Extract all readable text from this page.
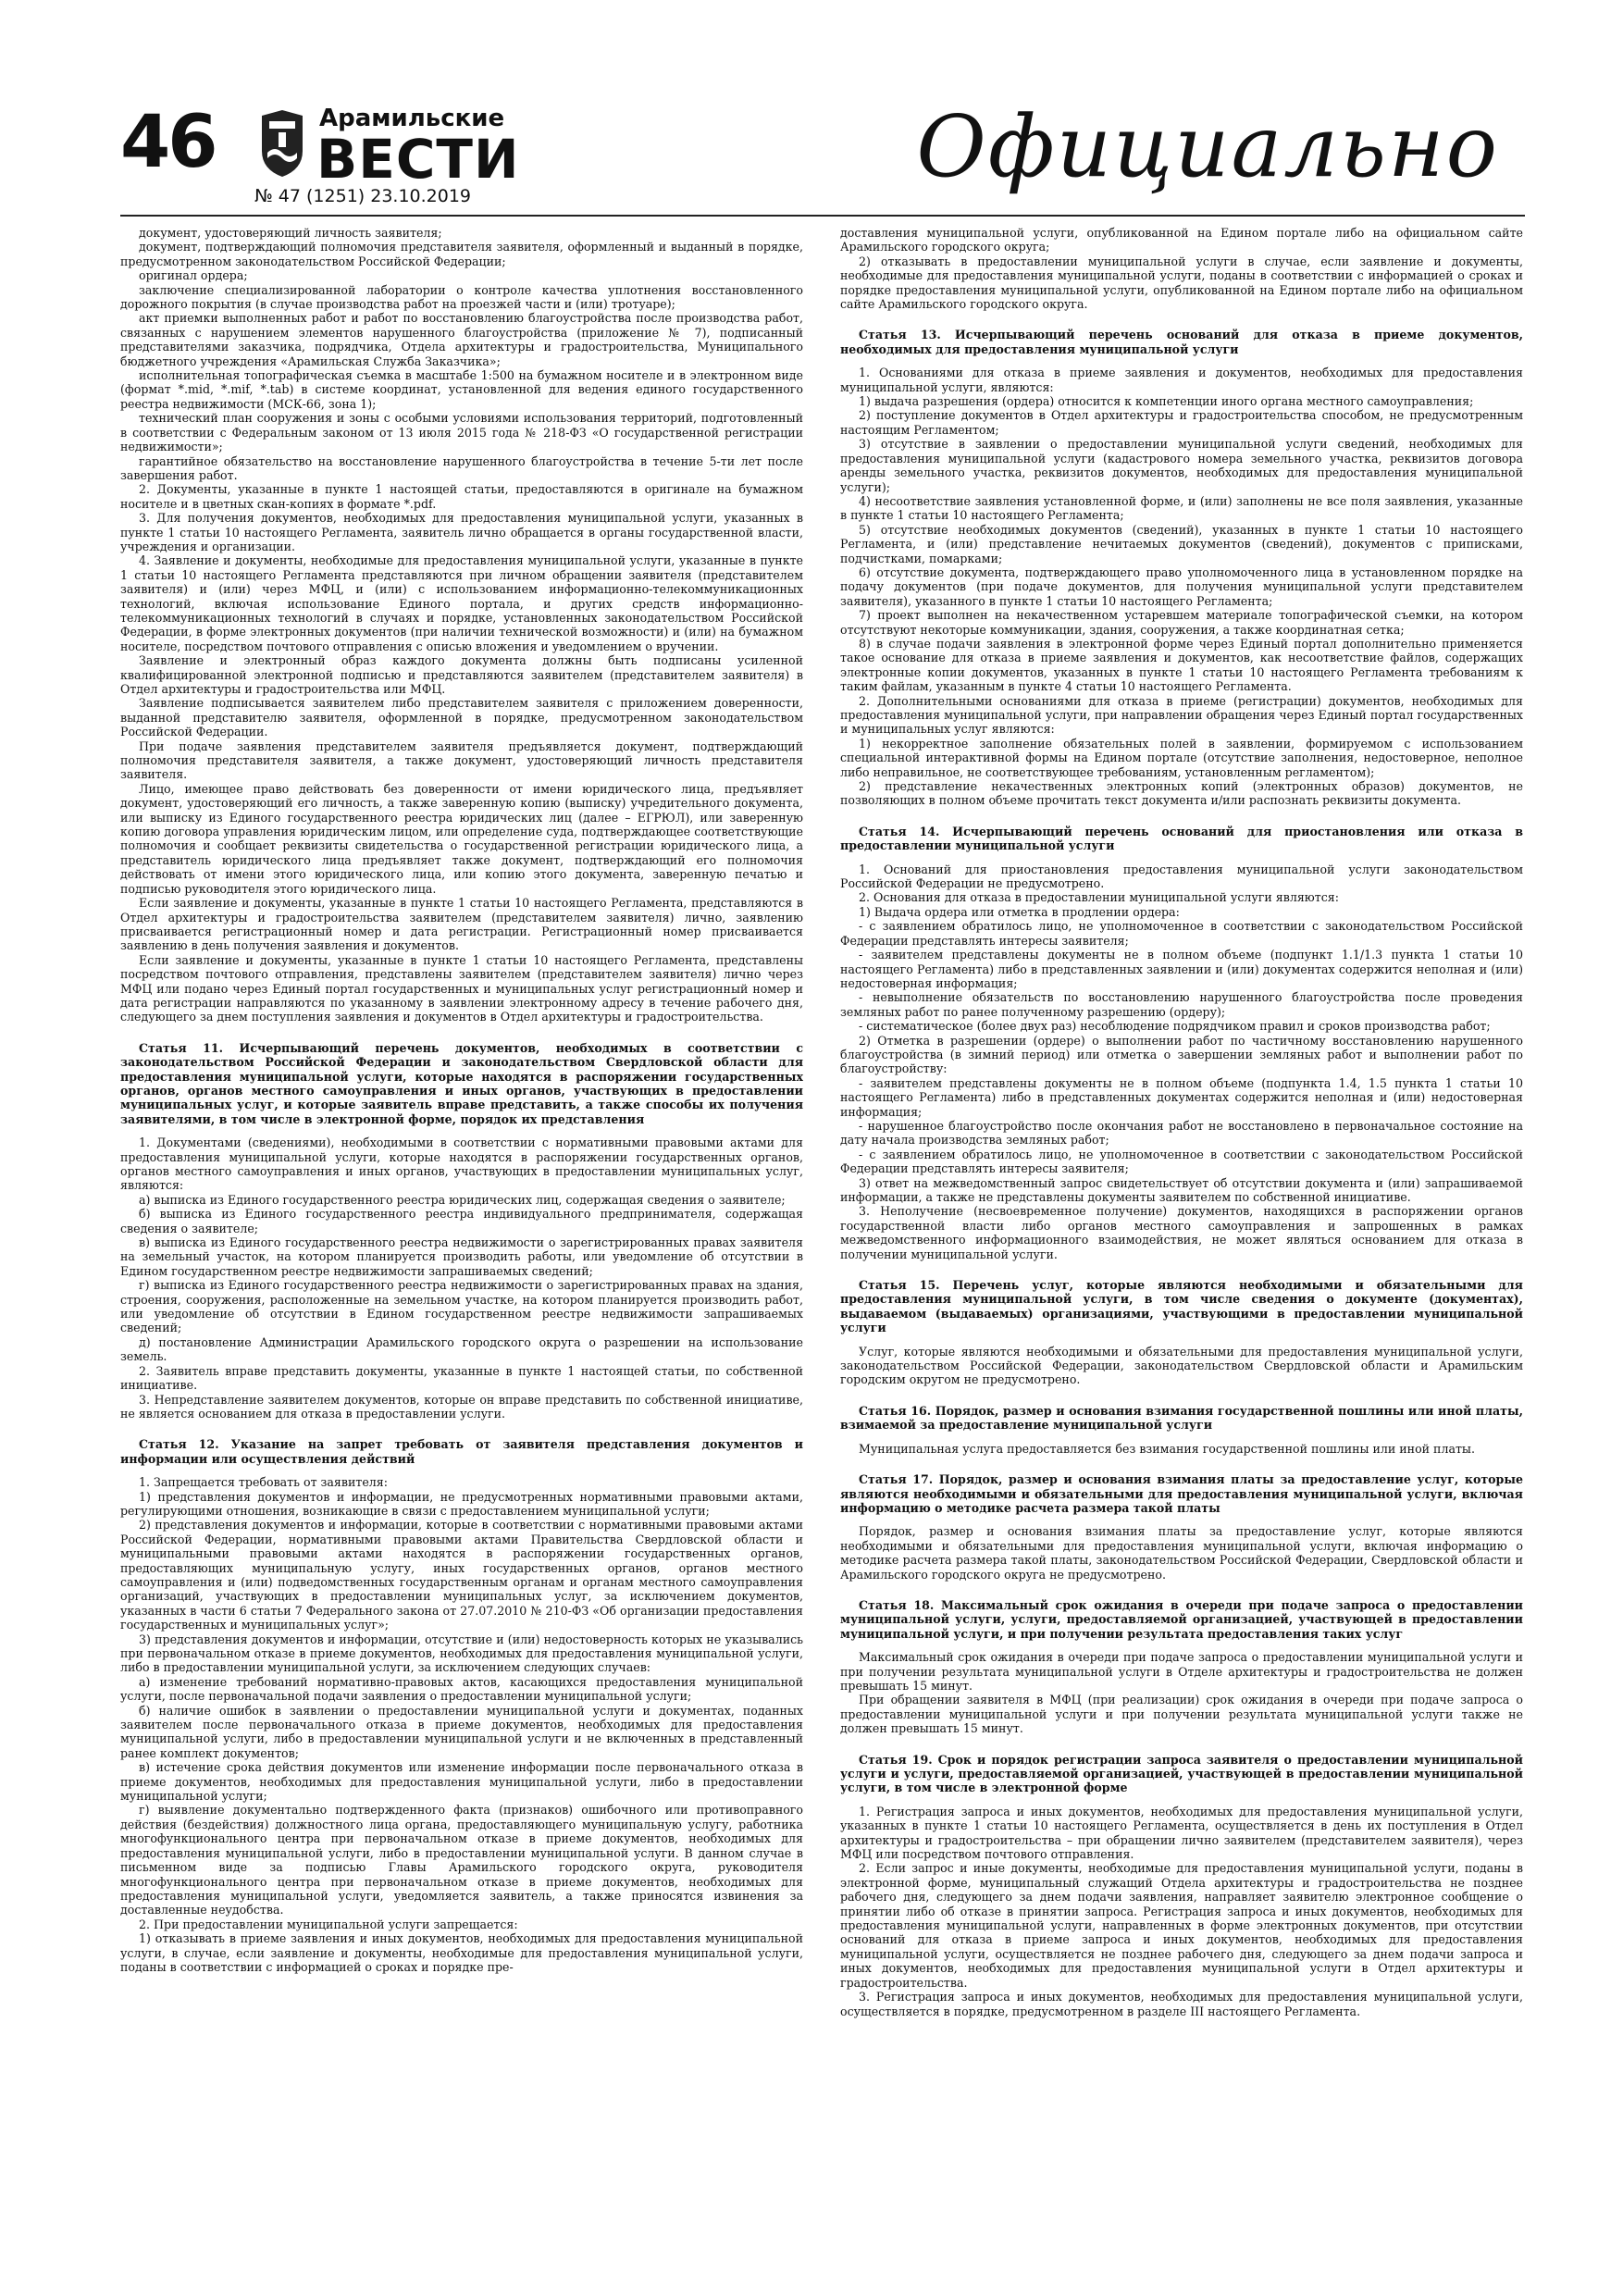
46	Арамильские
ВЕСТИ
№ 47 (1251) 23.10.2019	Официально

документ, удостоверяющий личность заявителя;

документ, подтверждающий полномочия представителя заявителя, оформленный и выданный в порядке, предусмотренном законодательством Российской Федерации;

оригинал ордера;

заключение специализированной лаборатории о контроле качества уплотнения восстановленного дорожного покрытия (в случае производства работ на проезжей части и (или) тротуаре);

акт приемки выполненных работ и работ по восстановлению благоустройства после производства работ, связанных с нарушением элементов нарушенного благоустройства (приложение № 7), подписанный представителями заказчика, подрядчика, Отдела архитектуры и градостроительства, Муниципального бюджетного учреждения «Арамильская Служба Заказчика»;

исполнительная топографическая съемка в масштабе 1:500 на бумажном носителе и в электронном виде (формат *.mid, *.mif, *.tab) в системе координат, установленной для ведения единого государственного реестра недвижимости (МСК-66, зона 1);

технический план сооружения и зоны с особыми условиями использования территорий, подготовленный в соответствии с Федеральным законом от 13 июля 2015 года № 218-ФЗ «О государственной регистрации недвижимости»;

гарантийное обязательство на восстановление нарушенного благоустройства в течение 5-ти лет после завершения работ.

2. Документы, указанные в пункте 1 настоящей статьи, предоставляются в оригинале на бумажном носителе и в цветных скан-копиях в формате *.pdf.

3. Для получения документов, необходимых для предоставления муниципальной услуги, указанных в пункте 1 статьи 10 настоящего Регламента, заявитель лично обращается в органы государственной власти, учреждения и организации.

4. Заявление и документы, необходимые для предоставления муниципальной услуги, указанные в пункте 1 статьи 10 настоящего Регламента представляются при личном обращении заявителя (представителем заявителя) и (или) через МФЦ, и (или) с использованием информационно-телекоммуникационных технологий, включая использование Единого портала, и других средств информационно-телекоммуникационных технологий в случаях и порядке, установленных законодательством Российской Федерации, в форме электронных документов (при наличии технической возможности) и (или) на бумажном носителе, посредством почтового отправления с описью вложения и уведомлением о вручении.

Заявление и электронный образ каждого документа должны быть подписаны усиленной квалифицированной электронной подписью и представляются заявителем (представителем заявителя) в Отдел архитектуры и градостроительства или МФЦ.

Заявление подписывается заявителем либо представителем заявителя с приложением доверенности, выданной представителю заявителя, оформленной в порядке, предусмотренном законодательством Российской Федерации.

При подаче заявления представителем заявителя предъявляется документ, подтверждающий полномочия представителя заявителя, а также документ, удостоверяющий личность представителя заявителя.

Лицо, имеющее право действовать без доверенности от имени юридического лица, предъявляет документ, удостоверяющий его личность, а также заверенную копию (выписку) учредительного документа, или выписку из Единого государственного реестра юридических лиц (далее – ЕГРЮЛ), или заверенную копию договора управления юридическим лицом, или определение суда, подтверждающее соответствующие полномочия и сообщает реквизиты свидетельства о государственной регистрации юридического лица, а представитель юридического лица предъявляет также документ, подтверждающий его полномочия действовать от имени этого юридического лица, или копию этого документа, заверенную печатью и подписью руководителя этого юридического лица.

Если заявление и документы, указанные в пункте 1 статьи 10 настоящего Регламента, представляются в Отдел архитектуры и градостроительства заявителем (представителем заявителя) лично, заявлению присваивается регистрационный номер и дата регистрации. Регистрационный номер присваивается заявлению в день получения заявления и документов.

Если заявление и документы, указанные в пункте 1 статьи 10 настоящего Регламента, представлены посредством почтового отправления, представлены заявителем (представителем заявителя) лично через МФЦ или подано через Единый портал государственных и муниципальных услуг регистрационный номер и дата регистрации направляются по указанному в заявлении электронному адресу в течение рабочего дня, следующего за днем поступления заявления и документов в Отдел архитектуры и градостроительства.

Статья 11. Исчерпывающий перечень документов, необходимых в соответствии с законодательством Российской Федерации и законодательством Свердловской области для предоставления муниципальной услуги, которые находятся в распоряжении государственных органов, органов местного самоуправления и иных органов, участвующих в предоставлении муниципальных услуг, и которые заявитель вправе представить, а также способы их получения заявителями, в том числе в электронной форме, порядок их представления

1. Документами (сведениями), необходимыми в соответствии с нормативными правовыми актами для предоставления муниципальной услуги, которые находятся в распоряжении государственных органов, органов местного самоуправления и иных органов, участвующих в предоставлении муниципальных услуг, являются:

а) выписка из Единого государственного реестра юридических лиц, содержащая сведения о заявителе;

б) выписка из Единого государственного реестра индивидуального предпринимателя, содержащая сведения о заявителе;

в) выписка из Единого государственного реестра недвижимости о зарегистрированных правах заявителя на земельный участок, на котором планируется производить работы, или уведомление об отсутствии в Едином государственном реестре недвижимости запрашиваемых сведений;

г) выписка из Единого государственного реестра недвижимости о зарегистрированных правах на здания, строения, сооружения, расположенные на земельном участке, на котором планируется производить работ, или уведомление об отсутствии в Едином государственном реестре недвижимости запрашиваемых сведений;

д) постановление Администрации Арамильского городского округа о разрешении на использование земель.

2. Заявитель вправе представить документы, указанные в пункте 1 настоящей статьи, по собственной инициативе.

3. Непредставление заявителем документов, которые он вправе представить по собственной инициативе, не является основанием для отказа в предоставлении услуги.

Статья 12. Указание на запрет требовать от заявителя представления документов и информации или осуществления действий

1. Запрещается требовать от заявителя:

1) представления документов и информации, не предусмотренных нормативными правовыми актами, регулирующими отношения, возникающие в связи с предоставлением муниципальной услуги;

2) представления документов и информации, которые в соответствии с нормативными правовыми актами Российской Федерации, нормативными правовыми актами Правительства Свердловской области и муниципальными правовыми актами находятся в распоряжении государственных органов, предоставляющих муниципальную услугу, иных государственных органов, органов местного самоуправления и (или) подведомственных государственным органам и органам местного самоуправления организаций, участвующих в предоставлении муниципальных услуг, за исключением документов, указанных в части 6 статьи 7 Федерального закона от 27.07.2010 № 210-ФЗ «Об организации предоставления государственных и муниципальных услуг»;

3) представления документов и информации, отсутствие и (или) недостоверность которых не указывались при первоначальном отказе в приеме документов, необходимых для предоставления муниципальной услуги, либо в предоставлении муниципальной услуги, за исключением следующих случаев:

а) изменение требований нормативно-правовых актов, касающихся предоставления муниципальной услуги, после первоначальной подачи заявления о предоставлении муниципальной услуги;

б) наличие ошибок в заявлении о предоставлении муниципальной услуги и документах, поданных заявителем после первоначального отказа в приеме документов, необходимых для предоставления муниципальной услуги, либо в предоставлении муниципальной услуги и не включенных в представленный ранее комплект документов;

в) истечение срока действия документов или изменение информации после первоначального отказа в приеме документов, необходимых для предоставления муниципальной услуги, либо в предоставлении муниципальной услуги;

г) выявление документально подтвержденного факта (признаков) ошибочного или противоправного действия (бездействия) должностного лица органа, предоставляющего муниципальную услугу, работника многофункционального центра при первоначальном отказе в приеме документов, необходимых для предоставления муниципальной услуги, либо в предоставлении муниципальной услуги. В данном случае в письменном виде за подписью Главы Арамильского городского округа, руководителя многофункционального центра при первоначальном отказе в приеме документов, необходимых для предоставления муниципальной услуги, уведомляется заявитель, а также приносятся извинения за доставленные неудобства.

2. При предоставлении муниципальной услуги запрещается:

1) отказывать в приеме заявления и иных документов, необходимых для предоставления муниципальной услуги, в случае, если заявление и документы, необходимые для предоставления муниципальной услуги, поданы в соответствии с информацией о сроках и порядке пре-

доставления муниципальной услуги, опубликованной на Едином портале либо на официальном сайте Арамильского городского округа;

2) отказывать в предоставлении муниципальной услуги в случае, если заявление и документы, необходимые для предоставления муниципальной услуги, поданы в соответствии с информацией о сроках и порядке предоставления муниципальной услуги, опубликованной на Едином портале либо на официальном сайте Арамильского городского округа.

Статья 13. Исчерпывающий перечень оснований для отказа в приеме документов, необходимых для предоставления муниципальной услуги

1. Основаниями для отказа в приеме заявления и документов, необходимых для предоставления муниципальной услуги, являются:

1) выдача разрешения (ордера) относится к компетенции иного органа местного самоуправления;

2) поступление документов в Отдел архитектуры и градостроительства способом, не предусмотренным настоящим Регламентом;

3) отсутствие в заявлении о предоставлении муниципальной услуги сведений, необходимых для предоставления муниципальной услуги (кадастрового номера земельного участка, реквизитов договора аренды земельного участка, реквизитов документов, необходимых для предоставления муниципальной услуги);

4) несоответствие заявления установленной форме, и (или) заполнены не все поля заявления, указанные в пункте 1 статьи 10 настоящего Регламента;

5) отсутствие необходимых документов (сведений), указанных в пункте 1 статьи 10 настоящего Регламента, и (или) представление нечитаемых документов (сведений), документов с приписками, подчистками, помарками;

6) отсутствие документа, подтверждающего право уполномоченного лица в установленном порядке на подачу документов (при подаче документов, для получения муниципальной услуги представителем заявителя), указанного в пункте 1 статьи 10 настоящего Регламента;

7) проект выполнен на некачественном устаревшем материале топографической съемки, на котором отсутствуют некоторые коммуникации, здания, сооружения, а также координатная сетка;

8) в случае подачи заявления в электронной форме через Единый портал дополнительно применяется такое основание для отказа в приеме заявления и документов, как несоответствие файлов, содержащих электронные копии документов, указанных в пункте 1 статьи 10 настоящего Регламента требованиям к таким файлам, указанным в пункте 4 статьи 10 настоящего Регламента.

2. Дополнительными основаниями для отказа в приеме (регистрации) документов, необходимых для предоставления муниципальной услуги, при направлении обращения через Единый портал государственных и муниципальных услуг являются:

1) некорректное заполнение обязательных полей в заявлении, формируемом с использованием специальной интерактивной формы на Едином портале (отсутствие заполнения, недостоверное, неполное либо неправильное, не соответствующее требованиям, установленным регламентом);

2) представление некачественных электронных копий (электронных образов) документов, не позволяющих в полном объеме прочитать текст документа и/или распознать реквизиты документа.

Статья 14. Исчерпывающий перечень оснований для приостановления или отказа в предоставлении муниципальной услуги

1. Оснований для приостановления предоставления муниципальной услуги законодательством Российской Федерации не предусмотрено.

2. Основания для отказа в предоставлении муниципальной услуги являются:

1) Выдача ордера или отметка в продлении ордера:

- с заявлением обратилось лицо, не уполномоченное в соответствии с законодательством Российской Федерации представлять интересы заявителя;

- заявителем представлены документы не в полном объеме (подпункт 1.1/1.3 пункта 1 статьи 10 настоящего Регламента) либо в представленных заявлении и (или) документах содержится неполная и (или) недостоверная информация;

- невыполнение обязательств по восстановлению нарушенного благоустройства после проведения земляных работ по ранее полученному разрешению (ордеру);

- систематическое (более двух раз) несоблюдение подрядчиком правил и сроков производства работ;

2) Отметка в разрешении (ордере) о выполнении работ по частичному восстановлению нарушенного благоустройства (в зимний период) или отметка о завершении земляных работ и выполнении работ по благоустройству:

- заявителем представлены документы не в полном объеме (подпункта 1.4, 1.5 пункта 1 статьи 10 настоящего Регламента) либо в представленных документах содержится неполная и (или) недостоверная информация;

- нарушенное благоустройство после окончания работ не восстановлено в первоначальное состояние на дату начала производства земляных работ;

- с заявлением обратилось лицо, не уполномоченное в соответствии с законодательством Российской Федерации представлять интересы заявителя;

3) ответ на межведомственный запрос свидетельствует об отсутствии документа и (или) запрашиваемой информации, а также не представлены документы заявителем по собственной инициативе.

3. Неполучение (несвоевременное получение) документов, находящихся в распоряжении органов государственной власти либо органов местного самоуправления и запрошенных в рамках межведомственного информационного взаимодействия, не может являться основанием для отказа в получении муниципальной услуги.

Статья 15. Перечень услуг, которые являются необходимыми и обязательными для предоставления муниципальной услуги, в том числе сведения о документе (документах), выдаваемом (выдаваемых) организациями, участвующими в предоставлении муниципальной услуги

Услуг, которые являются необходимыми и обязательными для предоставления муниципальной услуги, законодательством Российской Федерации, законодательством Свердловской области и Арамильским городским округом не предусмотрено.

Статья 16. Порядок, размер и основания взимания государственной пошлины или иной платы, взимаемой за предоставление муниципальной услуги

Муниципальная услуга предоставляется без взимания государственной пошлины или иной платы.

Статья 17. Порядок, размер и основания взимания платы за предоставление услуг, которые являются необходимыми и обязательными для предоставления муниципальной услуги, включая информацию о методике расчета размера такой платы

Порядок, размер и основания взимания платы за предоставление услуг, которые являются необходимыми и обязательными для предоставления муниципальной услуги, включая информацию о методике расчета размера такой платы, законодательством Российской Федерации, Свердловской области и Арамильского городского округа не предусмотрено.

Статья 18. Максимальный срок ожидания в очереди при подаче запроса о предоставлении муниципальной услуги, услуги, предоставляемой организацией, участвующей в предоставлении муниципальной услуги, и при получении результата предоставления таких услуг

Максимальный срок ожидания в очереди при подаче запроса о предоставлении муниципальной услуги и при получении результата муниципальной услуги в Отделе архитектуры и градостроительства не должен превышать 15 минут.

При обращении заявителя в МФЦ (при реализации) срок ожидания в очереди при подаче запроса о предоставлении муниципальной услуги и при получении результата муниципальной услуги также не должен превышать 15 минут.

Статья 19. Срок и порядок регистрации запроса заявителя о предоставлении муниципальной услуги и услуги, предоставляемой организацией, участвующей в предоставлении муниципальной услуги, в том числе в электронной форме

1. Регистрация запроса и иных документов, необходимых для предоставления муниципальной услуги, указанных в пункте 1 статьи 10 настоящего Регламента, осуществляется в день их поступления в Отдел архитектуры и градостроительства – при обращении лично заявителем (представителем заявителя), через МФЦ или посредством почтового отправления.

2. Если запрос и иные документы, необходимые для предоставления муниципальной услуги, поданы в электронной форме, муниципальный служащий Отдела архитектуры и градостроительства не позднее рабочего дня, следующего за днем подачи заявления, направляет заявителю электронное сообщение о принятии либо об отказе в принятии запроса. Регистрация запроса и иных документов, необходимых для предоставления муниципальной услуги, направленных в форме электронных документов, при отсутствии оснований для отказа в приеме запроса и иных документов, необходимых для предоставления муниципальной услуги, осуществляется не позднее рабочего дня, следующего за днем подачи запроса и иных документов, необходимых для предоставления муниципальной услуги в Отдел архитектуры и градостроительства.

3. Регистрация запроса и иных документов, необходимых для предоставления муниципальной услуги, осуществляется в порядке, предусмотренном в разделе III настоящего Регламента.
